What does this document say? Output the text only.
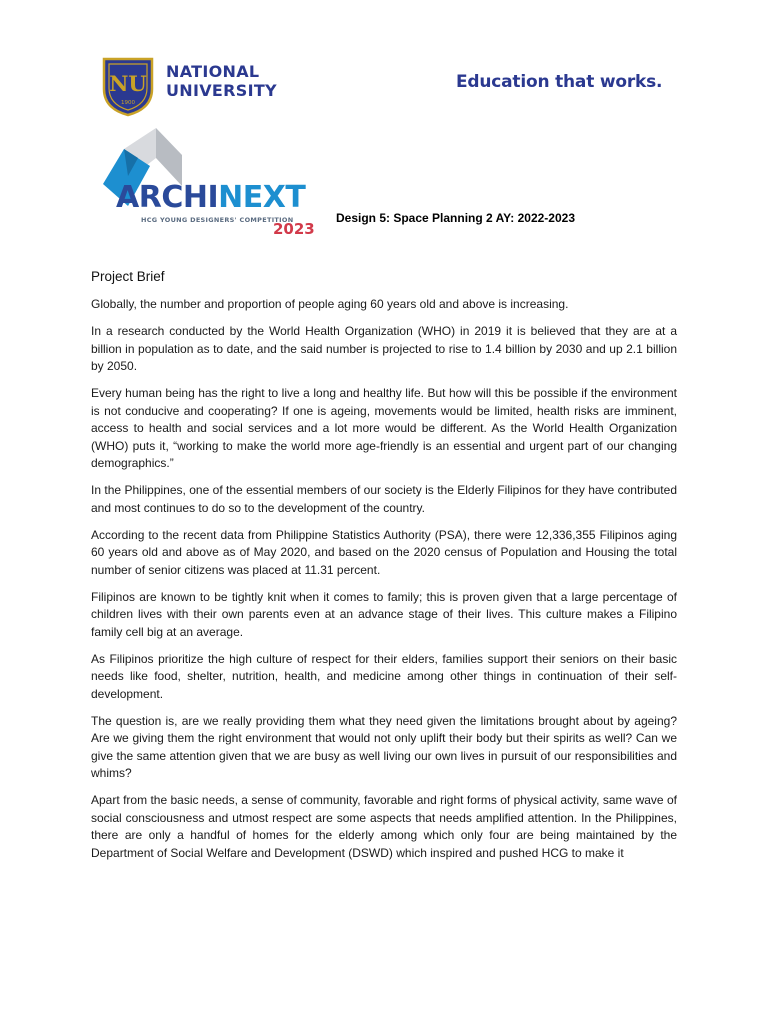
NU
1900
NATIONAL
UNIVERSITY	Education that works.
ARCHINEXT
HCG YOUNG DESIGNERS' COMPETITION
2023
Design 5: Space Planning 2 AY: 2022-2023
Project Brief

Globally, the number and proportion of people aging 60 years old and above is increasing.

In a research conducted by the World Health Organization (WHO) in 2019 it is believed that they are at a billion in population as to date, and the said number is projected to rise to 1.4 billion by 2030 and up 2.1 billion by 2050.

Every human being has the right to live a long and healthy life. But how will this be possible if the environment is not conducive and cooperating? If one is ageing, movements would be limited, health risks are imminent, access to health and social services and a lot more would be different. As the World Health Organization (WHO) puts it, “working to make the world more age-friendly is an essential and urgent part of our changing demographics.”

In the Philippines, one of the essential members of our society is the Elderly Filipinos for they have contributed and most continues to do so to the development of the country.

According to the recent data from Philippine Statistics Authority (PSA), there were 12,336,355 Filipinos aging 60 years old and above as of May 2020, and based on the 2020 census of Population and Housing the total number of senior citizens was placed at 11.31 percent.

Filipinos are known to be tightly knit when it comes to family; this is proven given that a large percentage of children lives with their own parents even at an advance stage of their lives. This culture makes a Filipino family cell big at an average.

As Filipinos prioritize the high culture of respect for their elders, families support their seniors on their basic needs like food, shelter, nutrition, health, and medicine among other things in continuation of their self-development.

The question is, are we really providing them what they need given the limitations brought about by ageing? Are we giving them the right environment that would not only uplift their body but their spirits as well? Can we give the same attention given that we are busy as well living our own lives in pursuit of our responsibilities and whims?

Apart from the basic needs, a sense of community, favorable and right forms of physical activity, same wave of social consciousness and utmost respect are some aspects that needs amplified attention. In the Philippines, there are only a handful of homes for the elderly among which only four are being maintained by the Department of Social Welfare and Development (DSWD) which inspired and pushed HCG to make it
